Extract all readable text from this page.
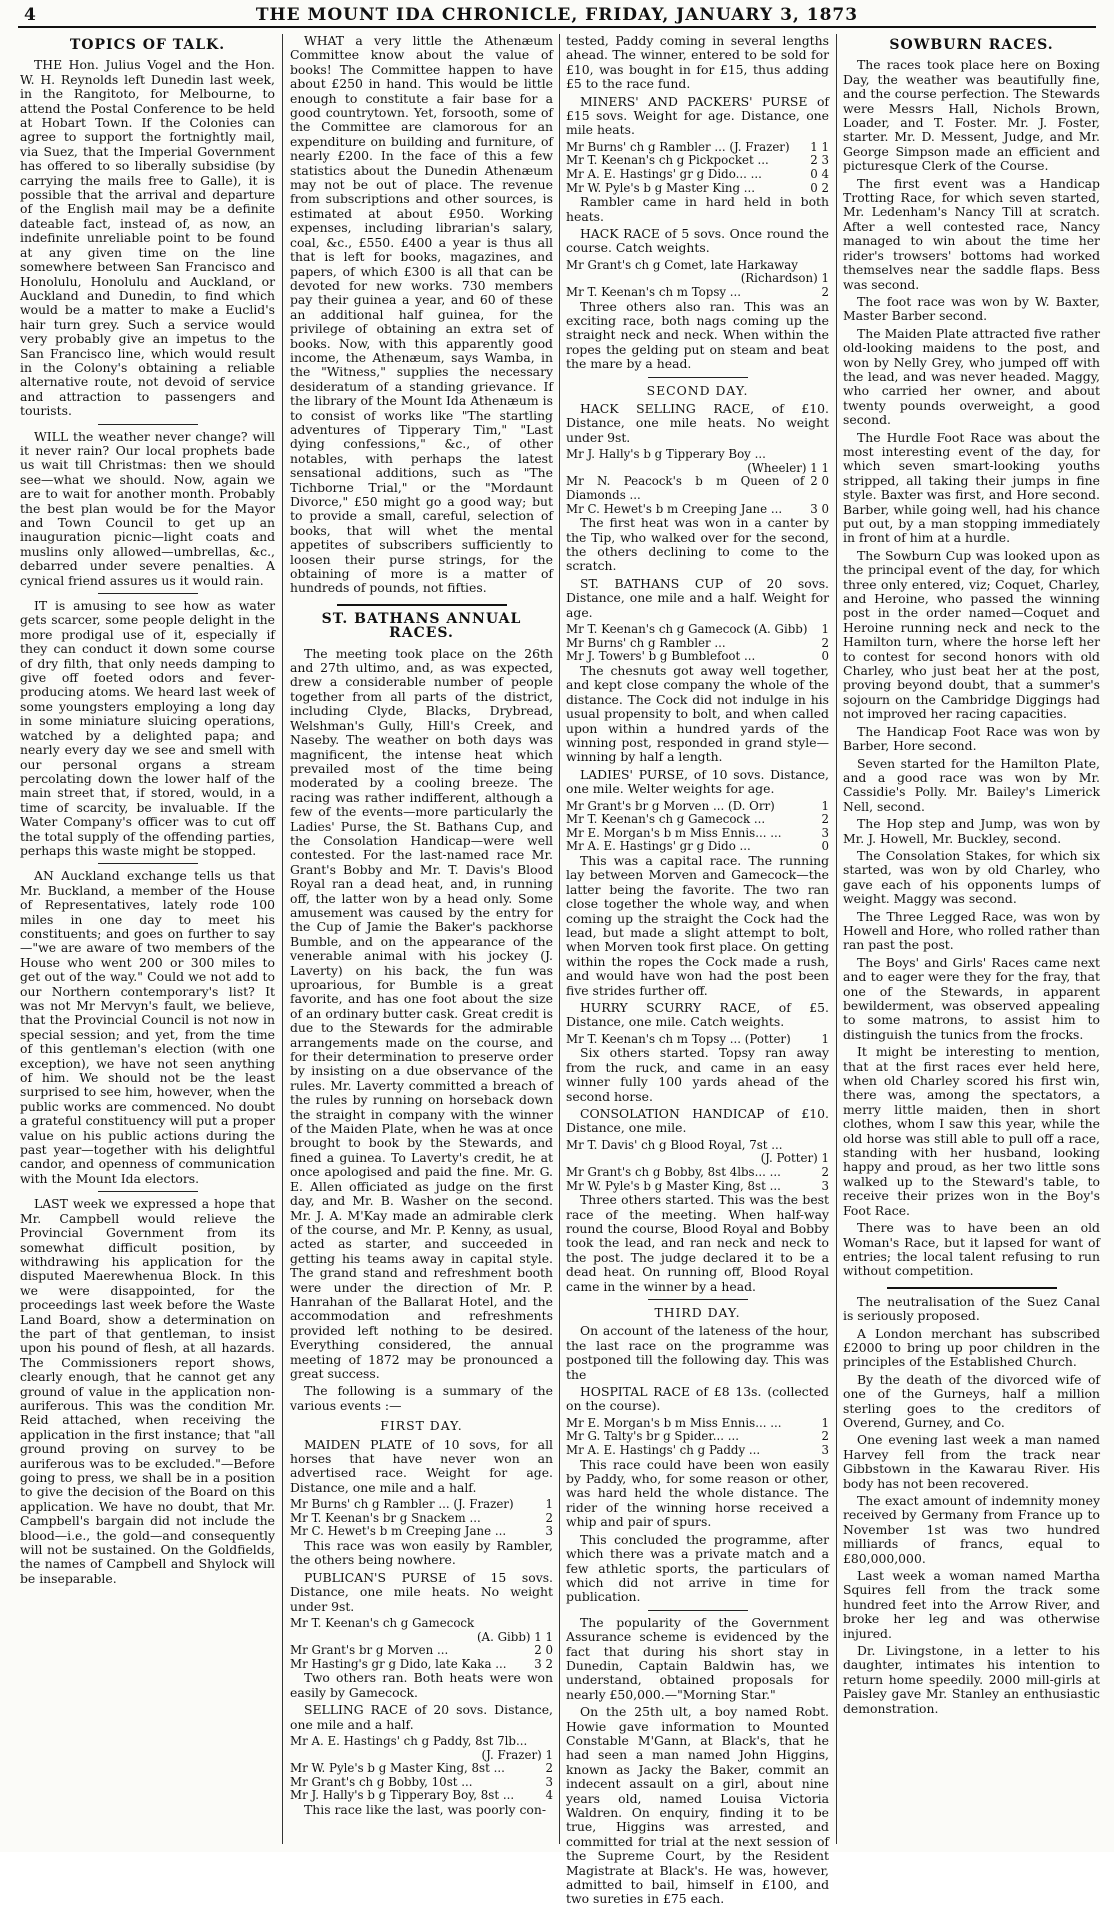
4	THE MOUNT IDA CHRONICLE, FRIDAY, JANUARY 3, 1873
TOPICS OF TALK.

THE Hon. Julius Vogel and the Hon. W. H. Reynolds left Dunedin last week, in the Rangitoto, for Melbourne, to attend the Postal Conference to be held at Hobart Town. If the Colonies can agree to support the fortnightly mail, via Suez, that the Imperial Government has offered to so liberally subsidise (by carrying the mails free to Galle), it is possible that the arrival and departure of the English mail may be a definite dateable fact, instead of, as now, an indefinite unreliable point to be found at any given time on the line somewhere between San Francisco and Honolulu, Honolulu and Auckland, or Auckland and Dunedin, to find which would be a matter to make a Euclid's hair turn grey. Such a service would very probably give an impetus to the San Francisco line, which would result in the Colony's obtaining a reliable alternative route, not devoid of service and attraction to passengers and tourists.

WILL the weather never change? will it never rain? Our local prophets bade us wait till Christmas: then we should see—what we should. Now, again we are to wait for another month. Probably the best plan would be for the Mayor and Town Council to get up an inauguration picnic—light coats and muslins only allowed—umbrellas, &c., debarred under severe penalties. A cynical friend assures us it would rain.

IT is amusing to see how as water gets scarcer, some people delight in the more prodigal use of it, especially if they can conduct it down some course of dry filth, that only needs damping to give off foeted odors and fever-producing atoms. We heard last week of some youngsters employing a long day in some miniature sluicing operations, watched by a delighted papa; and nearly every day we see and smell with our personal organs a stream percolating down the lower half of the main street that, if stored, would, in a time of scarcity, be invaluable. If the Water Company's officer was to cut off the total supply of the offending parties, perhaps this waste might be stopped.

AN Auckland exchange tells us that Mr. Buckland, a member of the House of Representatives, lately rode 100 miles in one day to meet his constituents; and goes on further to say—"we are aware of two members of the House who went 200 or 300 miles to get out of the way." Could we not add to our Northern contemporary's list? It was not Mr Mervyn's fault, we believe, that the Provincial Council is not now in special session; and yet, from the time of this gentleman's election (with one exception), we have not seen anything of him. We should not be the least surprised to see him, however, when the public works are commenced. No doubt a grateful constituency will put a proper value on his public actions during the past year—together with his delightful candor, and openness of communication with the Mount Ida electors.

LAST week we expressed a hope that Mr. Campbell would relieve the Provincial Government from its somewhat difficult position, by withdrawing his application for the disputed Maerewhenua Block. In this we were disappointed, for the proceedings last week before the Waste Land Board, show a determination on the part of that gentleman, to insist upon his pound of flesh, at all hazards. The Commissioners report shows, clearly enough, that he cannot get any ground of value in the application non-auriferous. This was the condition Mr. Reid attached, when receiving the application in the first instance; that "all ground proving on survey to be auriferous was to be excluded."—Before going to press, we shall be in a position to give the decision of the Board on this application. We have no doubt, that Mr. Campbell's bargain did not include the blood—i.e., the gold—and consequently will not be sustained. On the Goldfields, the names of Campbell and Shylock will be inseparable.

WHAT a very little the Athenæum Committee know about the value of books! The Committee happen to have about £250 in hand. This would be little enough to constitute a fair base for a good countrytown. Yet, forsooth, some of the Committee are clamorous for an expenditure on building and furniture, of nearly £200. In the face of this a few statistics about the Dunedin Athenæum may not be out of place. The revenue from subscriptions and other sources, is estimated at about £950. Working expenses, including librarian's salary, coal, &c., £550. £400 a year is thus all that is left for books, magazines, and papers, of which £300 is all that can be devoted for new works. 730 members pay their guinea a year, and 60 of these an additional half guinea, for the privilege of obtaining an extra set of books. Now, with this apparently good income, the Athenæum, says Wamba, in the "Witness," supplies the necessary desideratum of a standing grievance. If the library of the Mount Ida Athenæum is to consist of works like "The startling adventures of Tipperary Tim," "Last dying confessions," &c., of other notables, with perhaps the latest sensational additions, such as "The Tichborne Trial," or the "Mordaunt Divorce," £50 might go a good way; but to provide a small, careful, selection of books, that will whet the mental appetites of subscribers sufficiently to loosen their purse strings, for the obtaining of more is a matter of hundreds of pounds, not fifties.

ST. BATHANS ANNUAL RACES.

The meeting took place on the 26th and 27th ultimo, and, as was expected, drew a considerable number of people together from all parts of the district, including Clyde, Blacks, Drybread, Welshman's Gully, Hill's Creek, and Naseby. The weather on both days was magnificent, the intense heat which prevailed most of the time being moderated by a cooling breeze. The racing was rather indifferent, although a few of the events—more particularly the Ladies' Purse, the St. Bathans Cup, and the Consolation Handicap—were well contested. For the last-named race Mr. Grant's Bobby and Mr. T. Davis's Blood Royal ran a dead heat, and, in running off, the latter won by a head only. Some amusement was caused by the entry for the Cup of Jamie the Baker's packhorse Bumble, and on the appearance of the venerable animal with his jockey (J. Laverty) on his back, the fun was uproarious, for Bumble is a great favorite, and has one foot about the size of an ordinary butter cask. Great credit is due to the Stewards for the admirable arrangements made on the course, and for their determination to preserve order by insisting on a due observance of the rules. Mr. Laverty committed a breach of the rules by running on horseback down the straight in company with the winner of the Maiden Plate, when he was at once brought to book by the Stewards, and fined a guinea. To Laverty's credit, he at once apologised and paid the fine. Mr. G. E. Allen officiated as judge on the first day, and Mr. B. Washer on the second. Mr. J. A. M'Kay made an admirable clerk of the course, and Mr. P. Kenny, as usual, acted as starter, and succeeded in getting his teams away in capital style. The grand stand and refreshment booth were under the direction of Mr. P. Hanrahan of the Ballarat Hotel, and the accommodation and refreshments provided left nothing to be desired. Everything considered, the annual meeting of 1872 may be pronounced a great success.

The following is a summary of the various events :—

FIRST DAY.

MAIDEN PLATE of 10 sovs, for all horses that have never won an advertised race. Weight for age. Distance, one mile and a half.

Mr Burns' ch g Rambler ... (J. Frazer)	1
Mr T. Keenan's br g Snackem ...	2
Mr C. Hewet's b m Creeping Jane ...	3

This race was won easily by Rambler, the others being nowhere.

PUBLICAN'S PURSE of 15 sovs. Distance, one mile heats. No weight under 9st.

Mr T. Keenan's ch g Gamecock
(A. Gibb) 1 1
Mr Grant's br g Morven ...	2 0
Mr Hasting's gr g Dido, late Kaka ...	3 2

Two others ran. Both heats were won easily by Gamecock.

SELLING RACE of 20 sovs. Distance, one mile and a half.

Mr A. E. Hastings' ch g Paddy, 8st 7lb...
(J. Frazer) 1
Mr W. Pyle's b g Master King, 8st ...	2
Mr Grant's ch g Bobby, 10st ...	3
Mr J. Hally's b g Tipperary Boy, 8st ...	4

This race like the last, was poorly con-

tested, Paddy coming in several lengths ahead. The winner, entered to be sold for £10, was bought in for £15, thus adding £5 to the race fund.

MINERS' AND PACKERS' PURSE of £15 sovs. Weight for age. Distance, one mile heats.

Mr Burns' ch g Rambler ... (J. Frazer)	1 1
Mr T. Keenan's ch g Pickpocket ...	2 3
Mr A. E. Hastings' gr g Dido... ...	0 4
Mr W. Pyle's b g Master King ...	0 2

Rambler came in hard held in both heats.

HACK RACE of 5 sovs. Once round the course. Catch weights.

Mr Grant's ch g Comet, late Harkaway
(Richardson) 1
Mr T. Keenan's ch m Topsy ...	2

Three others also ran. This was an exciting race, both nags coming up the straight neck and neck. When within the ropes the gelding put on steam and beat the mare by a head.

SECOND DAY.

HACK SELLING RACE, of £10. Distance, one mile heats. No weight under 9st.

Mr J. Hally's b g Tipperary Boy ...
(Wheeler) 1 1
Mr N. Peacock's b m Queen of Diamonds ...
2 0
Mr C. Hewet's b m Creeping Jane ...	3 0

The first heat was won in a canter by the Tip, who walked over for the second, the others declining to come to the scratch.

ST. BATHANS CUP of 20 sovs. Distance, one mile and a half. Weight for age.

Mr T. Keenan's ch g Gamecock (A. Gibb)	1
Mr Burns' ch g Rambler ...	2
Mr J. Towers' b g Bumblefoot ...	0

The chesnuts got away well together, and kept close company the whole of the distance. The Cock did not indulge in his usual propensity to bolt, and when called upon within a hundred yards of the winning post, responded in grand style—winning by half a length.

LADIES' PURSE, of 10 sovs. Distance, one mile. Welter weights for age.

Mr Grant's br g Morven ... (D. Orr)	1
Mr T. Keenan's ch g Gamecock ...	2
Mr E. Morgan's b m Miss Ennis... ...	3
Mr A. E. Hastings' gr g Dido ...	0

This was a capital race. The running lay between Morven and Gamecock—the latter being the favorite. The two ran close together the whole way, and when coming up the straight the Cock had the lead, but made a slight attempt to bolt, when Morven took first place. On getting within the ropes the Cock made a rush, and would have won had the post been five strides further off.

HURRY SCURRY RACE, of £5. Distance, one mile. Catch weights.

Mr T. Keenan's ch m Topsy ... (Potter)	1

Six others started. Topsy ran away from the ruck, and came in an easy winner fully 100 yards ahead of the second horse.

CONSOLATION HANDICAP of £10. Distance, one mile.

Mr T. Davis' ch g Blood Royal, 7st ...
(J. Potter) 1
Mr Grant's ch g Bobby, 8st 4lbs... ...	2
Mr W. Pyle's b g Master King, 8st ...	3

Three others started. This was the best race of the meeting. When half-way round the course, Blood Royal and Bobby took the lead, and ran neck and neck to the post. The judge declared it to be a dead heat. On running off, Blood Royal came in the winner by a head.

THIRD DAY.

On account of the lateness of the hour, the last race on the programme was postponed till the following day. This was the

HOSPITAL RACE of £8 13s. (collected on the course).

Mr E. Morgan's b m Miss Ennis... ...	1
Mr G. Talty's br g Spider... ...	2
Mr A. E. Hastings' ch g Paddy ...	3

This race could have been won easily by Paddy, who, for some reason or other, was hard held the whole distance. The rider of the winning horse received a whip and pair of spurs.

This concluded the programme, after which there was a private match and a few athletic sports, the particulars of which did not arrive in time for publication.

The popularity of the Government Assurance scheme is evidenced by the fact that during his short stay in Dunedin, Captain Baldwin has, we understand, obtained proposals for nearly £50,000.—"Morning Star."

On the 25th ult, a boy named Robt. Howie gave information to Mounted Constable M'Gann, at Black's, that he had seen a man named John Higgins, known as Jacky the Baker, commit an indecent assault on a girl, about nine years old, named Louisa Victoria Waldren. On enquiry, finding it to be true, Higgins was arrested, and committed for trial at the next session of the Supreme Court, by the Resident Magistrate at Black's. He was, however, admitted to bail, himself in £100, and two sureties in £75 each.

SOWBURN RACES.

The races took place here on Boxing Day, the weather was beautifully fine, and the course perfection. The Stewards were Messrs Hall, Nichols Brown, Loader, and T. Foster. Mr. J. Foster, starter. Mr. D. Messent, Judge, and Mr. George Simpson made an efficient and picturesque Clerk of the Course.

The first event was a Handicap Trotting Race, for which seven started, Mr. Ledenham's Nancy Till at scratch. After a well contested race, Nancy managed to win about the time her rider's trowsers' bottoms had worked themselves near the saddle flaps. Bess was second.

The foot race was won by W. Baxter, Master Barber second.

The Maiden Plate attracted five rather old-looking maidens to the post, and won by Nelly Grey, who jumped off with the lead, and was never headed. Maggy, who carried her owner, and about twenty pounds overweight, a good second.

The Hurdle Foot Race was about the most interesting event of the day, for which seven smart-looking youths stripped, all taking their jumps in fine style. Baxter was first, and Hore second. Barber, while going well, had his chance put out, by a man stopping immediately in front of him at a hurdle.

The Sowburn Cup was looked upon as the principal event of the day, for which three only entered, viz; Coquet, Charley, and Heroine, who passed the winning post in the order named—Coquet and Heroine running neck and neck to the Hamilton turn, where the horse left her to contest for second honors with old Charley, who just beat her at the post, proving beyond doubt, that a summer's sojourn on the Cambridge Diggings had not improved her racing capacities.

The Handicap Foot Race was won by Barber, Hore second.

Seven started for the Hamilton Plate, and a good race was won by Mr. Cassidie's Polly. Mr. Bailey's Limerick Nell, second.

The Hop step and Jump, was won by Mr. J. Howell, Mr. Buckley, second.

The Consolation Stakes, for which six started, was won by old Charley, who gave each of his opponents lumps of weight. Maggy was second.

The Three Legged Race, was won by Howell and Hore, who rolled rather than ran past the post.

The Boys' and Girls' Races came next and to eager were they for the fray, that one of the Stewards, in apparent bewilderment, was observed appealing to some matrons, to assist him to distinguish the tunics from the frocks.

It might be interesting to mention, that at the first races ever held here, when old Charley scored his first win, there was, among the spectators, a merry little maiden, then in short clothes, whom I saw this year, while the old horse was still able to pull off a race, standing with her husband, looking happy and proud, as her two little sons walked up to the Steward's table, to receive their prizes won in the Boy's Foot Race.

There was to have been an old Woman's Race, but it lapsed for want of entries; the local talent refusing to run without competition.

The neutralisation of the Suez Canal is seriously proposed.

A London merchant has subscribed £2000 to bring up poor children in the principles of the Established Church.

By the death of the divorced wife of one of the Gurneys, half a million sterling goes to the creditors of Overend, Gurney, and Co.

One evening last week a man named Harvey fell from the track near Gibbstown in the Kawarau River. His body has not been recovered.

The exact amount of indemnity money received by Germany from France up to November 1st was two hundred milliards of francs, equal to £80,000,000.

Last week a woman named Martha Squires fell from the track some hundred feet into the Arrow River, and broke her leg and was otherwise injured.

Dr. Livingstone, in a letter to his daughter, intimates his intention to return home speedily. 2000 mill-girls at Paisley gave Mr. Stanley an enthusiastic demonstration.
